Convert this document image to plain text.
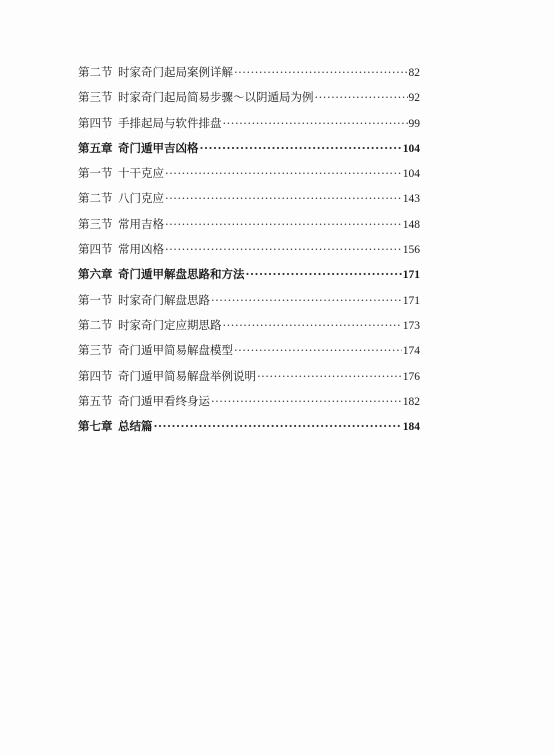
第二节 时家奇门起局案例详解 ·····	82
第三节 时家奇门起局简易步骤～以阴遁局为例 ·····	92
第四节 手排起局与软件排盘 ·····	99
第五章 奇门遁甲吉凶格 ·····	104
第一节 十干克应 ·····	104
第二节 八门克应 ·····	143
第三节 常用吉格 ·····	148
第四节 常用凶格 ·····	156
第六章 奇门遁甲解盘思路和方法 ·····	171
第一节 时家奇门解盘思路 ·····	171
第二节 时家奇门定应期思路 ·····	173
第三节 奇门遁甲简易解盘模型 ·····	174
第四节 奇门遁甲简易解盘举例说明 ·····	176
第五节 奇门遁甲看终身运 ·····	182
第七章 总结篇 ·····	184
